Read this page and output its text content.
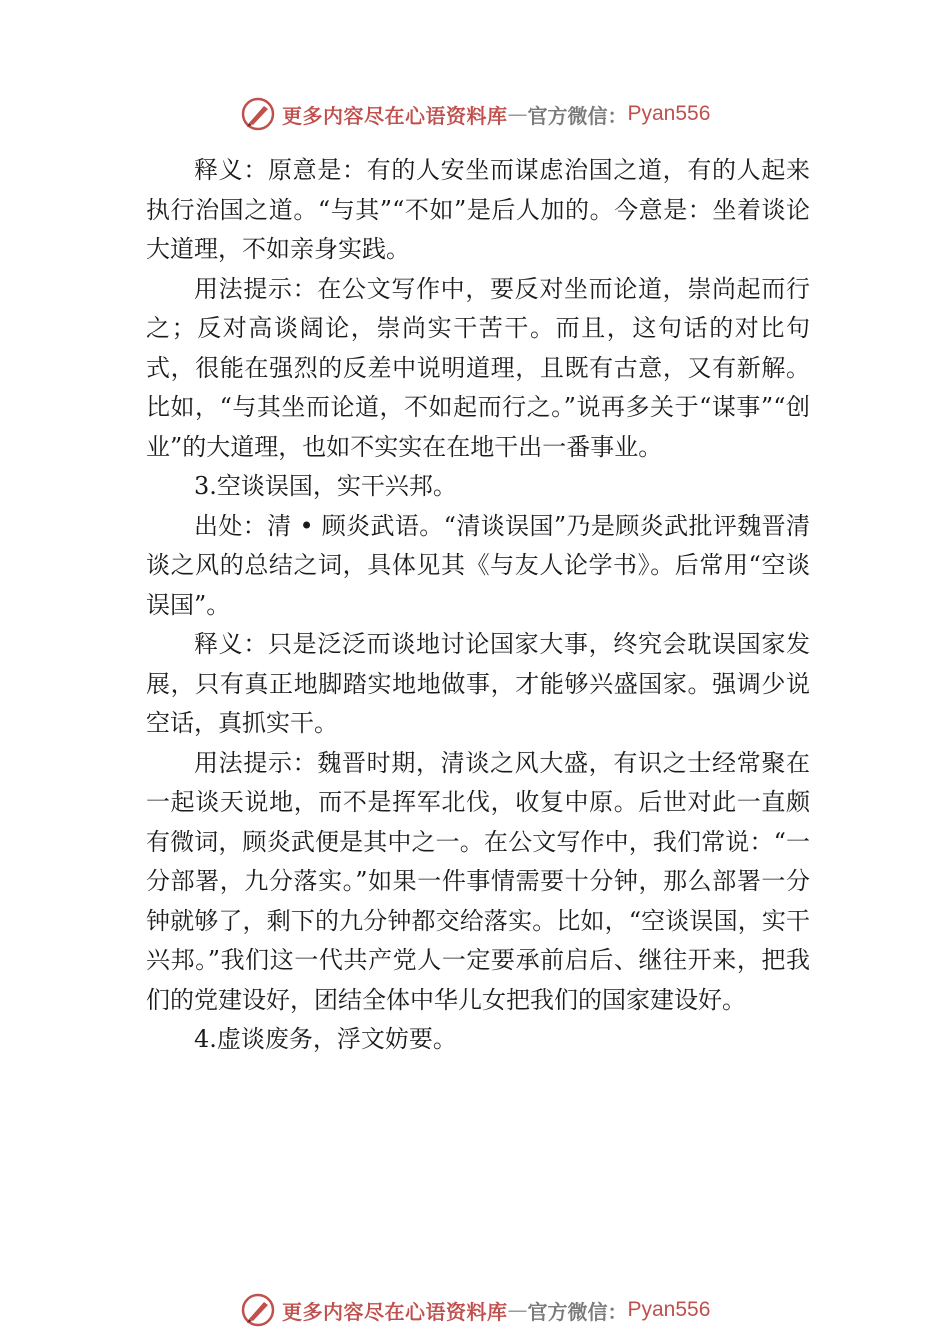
更多内容尽在心语资料库 — 官方微信： Pyan556

释义：原意是：有的人安坐而谋虑治国之道，有的人起来执行治国之道。“与其”“不如”是后人加的。今意是：坐着谈论大道理，不如亲身实践。

用法提示：在公文写作中，要反对坐而论道，崇尚起而行之；反对高谈阔论，崇尚实干苦干。而且，这句话的对比句式，很能在强烈的反差中说明道理，且既有古意，又有新解。比如，“与其坐而论道，不如起而行之。”说再多关于“谋事”“创业”的大道理，也如不实实在在地干出一番事业。

3.空谈误国，实干兴邦。

出处：清 • 顾炎武语。“清谈误国”乃是顾炎武批评魏晋清谈之风的总结之词，具体见其《与友人论学书》。后常用“空谈误国”。

释义：只是泛泛而谈地讨论国家大事，终究会耽误国家发展，只有真正地脚踏实地地做事，才能够兴盛国家。强调少说空话，真抓实干。

用法提示：魏晋时期，清谈之风大盛，有识之士经常聚在一起谈天说地，而不是挥军北伐，收复中原。后世对此一直颇有微词，顾炎武便是其中之一。在公文写作中，我们常说：“一分部署，九分落实。”如果一件事情需要十分钟，那么部署一分钟就够了，剩下的九分钟都交给落实。比如，“空谈误国，实干兴邦。”我们这一代共产党人一定要承前启后、继往开来，把我们的党建设好，团结全体中华儿女把我们的国家建设好。

4.虚谈废务，浮文妨要。

更多内容尽在心语资料库 — 官方微信： Pyan556
